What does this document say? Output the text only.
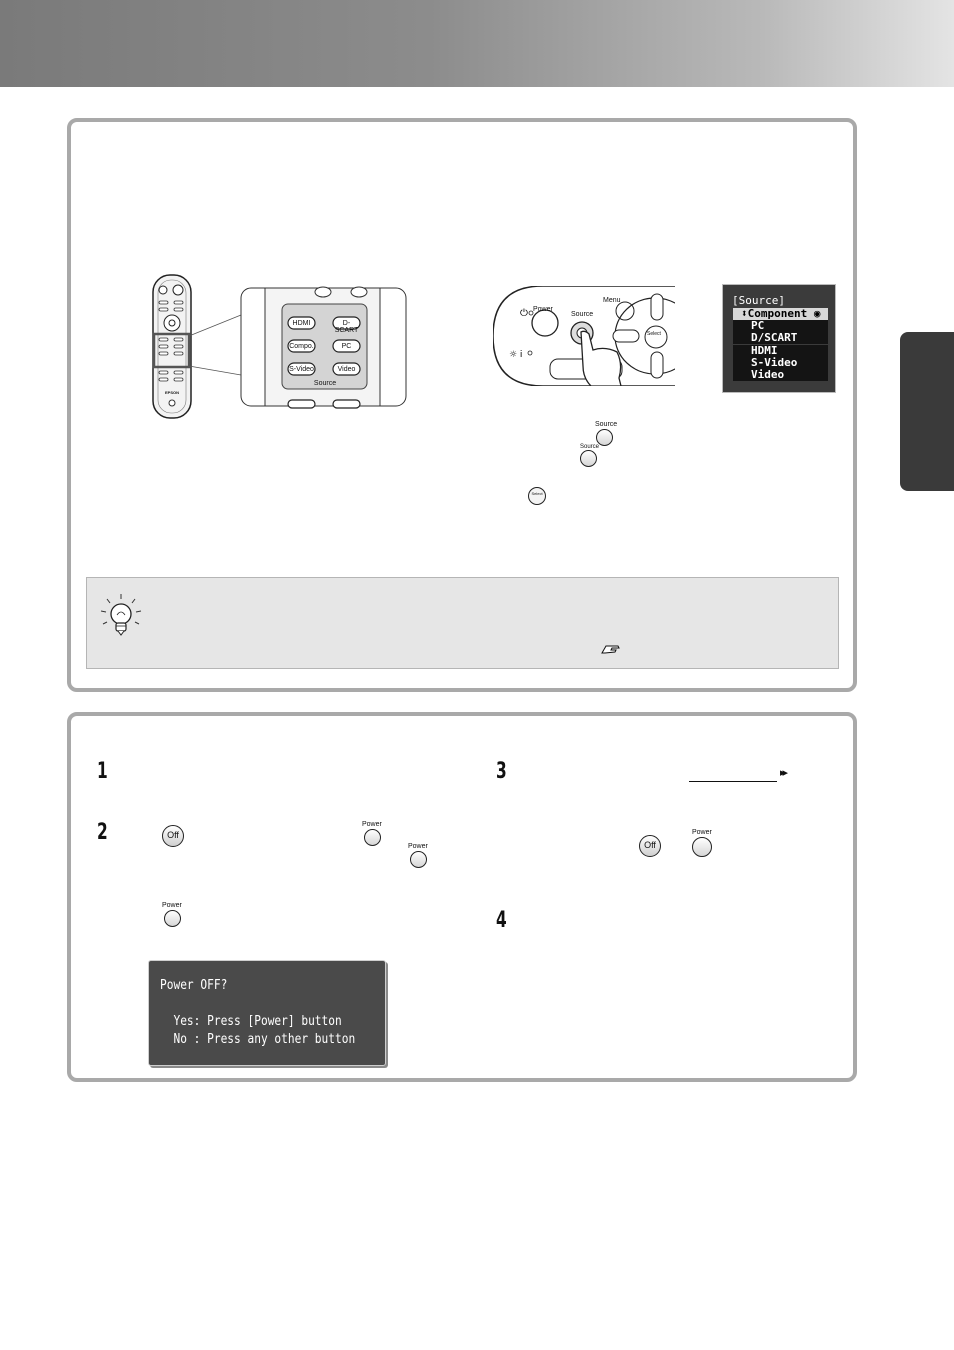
HDMI	D-SCART
Compo.	PC
S-Video	Video
Source
EPSON
⏻
☼ i
Power
Source
Menu
Select
[Source]
⬍Component ◉
PC
D/SCART
HDMI
S-Video
Video
Source
Source
Select
1
2
3
4
Off
Power
Power
Power
Power OFF?
Yes: Press [Power] button
No : Press any other button
▸▸
Off
Power
